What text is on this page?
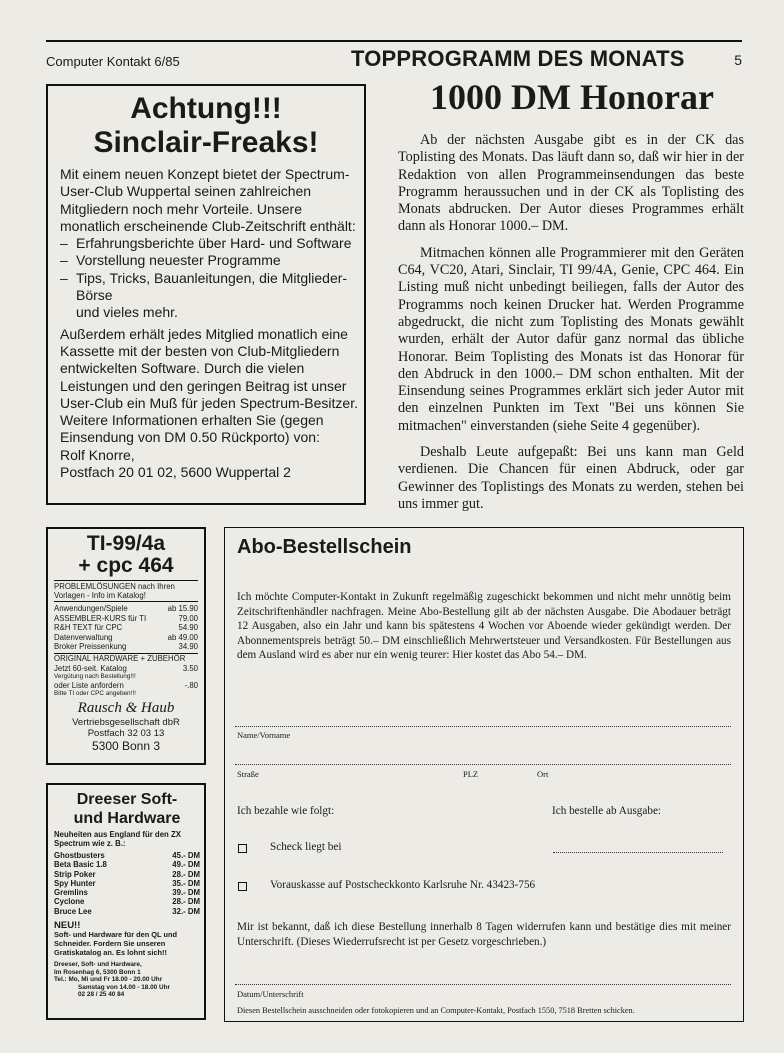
Computer Kontakt 6/85	TOPPROGRAMM DES MONATS	5
Achtung!!!
Sinclair-Freaks!

Mit einem neuen Konzept bietet der Spectrum-User-Club Wuppertal seinen zahlreichen Mitgliedern noch mehr Vorteile. Unsere monatlich erscheinende Club-Zeitschrift enthält:

– Erfahrungsberichte über Hard- und Software
– Vorstellung neuester Programme
– Tips, Tricks, Bauanleitungen, die Mitglieder-Börse
und vieles mehr.

Außerdem erhält jedes Mitglied monatlich eine Kassette mit der besten von Club-Mitgliedern entwickelten Software. Durch die vielen Leistungen und den geringen Beitrag ist unser User-Club ein Muß für jeden Spectrum-Besitzer. Weitere Informationen erhalten Sie (gegen Einsendung von DM 0.50 Rückporto) von:

Rolf Knorre,
Postfach 20 01 02, 5600 Wuppertal 2
1000 DM Honorar

Ab der nächsten Ausgabe gibt es in der CK das Toplisting des Monats. Das läuft dann so, daß wir hier in der Redaktion von allen Programmeinsendungen das beste Programm heraussuchen und in der CK als Toplisting des Monats abdrucken. Der Autor dieses Programmes erhält dann als Honorar 1000.– DM.

Mitmachen können alle Programmierer mit den Geräten C64, VC20, Atari, Sinclair, TI 99/4A, Genie, CPC 464. Ein Listing muß nicht unbedingt beiliegen, falls der Autor des Programms noch keinen Drucker hat. Werden Programme abgedruckt, die nicht zum Toplisting des Monats gewählt wurden, erhält der Autor dafür ganz normal das übliche Honorar. Beim Toplisting des Monats ist das Honorar für den Abdruck in den 1000.– DM schon enthalten. Mit der Einsendung seines Programmes erklärt sich jeder Autor mit den einzelnen Punkten im Text "Bei uns können Sie mitmachen" einverstanden (siehe Seite 4 gegenüber).

Deshalb Leute aufgepaßt: Bei uns kann man Geld verdienen. Die Chancen für einen Abdruck, oder gar Gewinner des Toplistings des Monats zu werden, stehen bei uns immer gut.

TI-99/4a
+ cpc 464
PROBLEMLÖSUNGEN nach Ihren Vorlagen - Info im Katalog!
Anwendungen/Spiele	ab 15.90
ASSEMBLER-KURS für TI	79.00
R&H TEXT für CPC	54.90
Datenverwaltung	ab 49.00
Broker Preissenkung	34.90
ORIGINAL HARDWARE + ZUBEHÖR
Jetzt 60-seit. Katalog	3.50
Vergütung nach Bestellung!!!
oder Liste anfordern	-.80
Bitte TI oder CPC angeben!!!
Rausch & Haub
Vertriebsgesellschaft dbR
Postfach 32 03 13
5300 Bonn 3
Dreeser Soft-
und Hardware
Neuheiten aus England für den ZX Spectrum wie z. B.:
Ghostbusters	45.- DM
Beta Basic 1.8	49.- DM
Strip Poker	28.- DM
Spy Hunter	35.- DM
Gremlins	39.- DM
Cyclone	28.- DM
Bruce Lee	32.- DM
NEU!!
Soft- und Hardware für den QL und Schneider. Fordern Sie unseren Gratiskatalog an. Es lohnt sich!!
Dreeser, Soft- und Hardware,
Im Rosenhag 6, 5300 Bonn 1
Tel.: Mo, Mi und Fr 18.00 - 20.00 Uhr
Samstag von 14.00 - 18.00 Uhr
02 28 / 25 40 84
Abo-Bestellschein
Ich möchte Computer-Kontakt in Zukunft regelmäßig zugeschickt bekommen und nicht mehr unnötig beim Zeitschriftenhändler nachfragen. Meine Abo-Bestellung gilt ab der nächsten Ausgabe. Die Abodauer beträgt 12 Ausgaben, also ein Jahr und kann bis spätestens 4 Wochen vor Aboende wieder gekündigt werden. Der Abonnementspreis beträgt 50.– DM einschließlich Mehrwertsteuer und Versandkosten. Für Bestellungen aus dem Ausland wird es aber nur ein wenig teurer: Hier kostet das Abo 54.– DM.
Name/Vorname
Straße	PLZ	Ort
Ich bezahle wie folgt:	Ich bestelle ab Ausgabe:
Scheck liegt bei
Vorauskasse auf Postscheckkonto Karlsruhe Nr. 43423-756
Mir ist bekannt, daß ich diese Bestellung innerhalb 8 Tagen widerrufen kann und bestätige dies mit meiner Unterschrift. (Dieses Wiederrufsrecht ist per Gesetz vorgeschrieben.)
Datum/Unterschrift
Diesen Bestellschein ausschneiden oder fotokopieren und an Computer-Kontakt, Postfach 1550, 7518 Bretten schicken.
